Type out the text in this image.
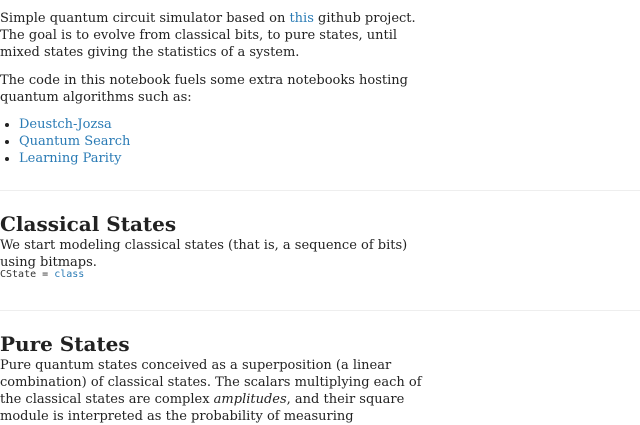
Simple quantum circuit simulator based on this github project. The goal is to evolve from classical bits, to pure states, until mixed states giving the statistics of a system.

The code in this notebook fuels some extra notebooks hosting quantum algorithms such as:

• Deustch-Jozsa
• Quantum Search
• Learning Parity
Classical States

We start modeling classical states (that is, a sequence of bits) using bitmaps.

CState = class
Pure States

Pure quantum states conceived as a superposition (a linear combination) of classical states. The scalars multiplying each of the classical states are complex amplitudes, and their square module is interpreted as the probability of measuring
